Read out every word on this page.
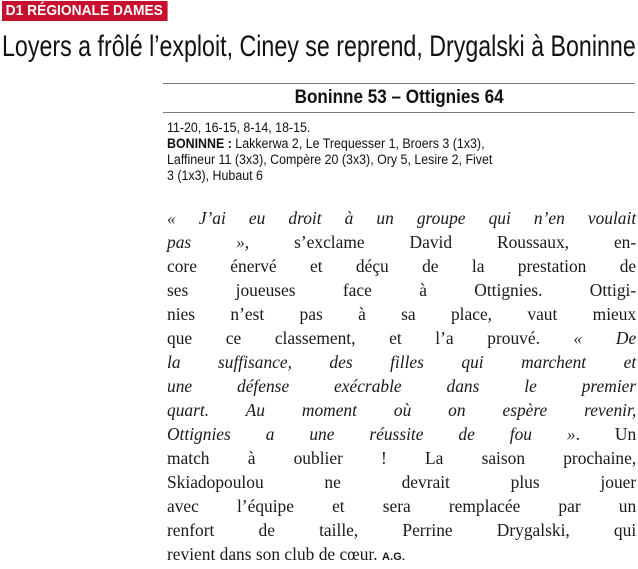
D1 RÉGIONALE DAMES
Loyers a frôlé l’exploit, Ciney se reprend, Drygalski à Boninne
Boninne 53 – Ottignies 64
11-20, 16-15, 8-14, 18-15.
BONINNE : Lakkerwa 2, Le Trequesser 1, Broers 3 (1x3),
Laffineur 11 (3x3), Compère 20 (3x3), Ory 5, Lesire 2, Fivet
3 (1x3), Hubaut 6
« J’ai eu droit à un groupe qui n’en voulait
pas », s’exclame David Roussaux, en-
core énervé et déçu de la prestation de
ses joueuses face à Ottignies. Ottigi-
nies n’est pas à sa place, vaut mieux
que ce classement, et l’a prouvé. « De
la suffisance, des filles qui marchent et
une défense exécrable dans le premier
quart. Au moment où on espère revenir,
Ottignies a une réussite de fou ». Un
match à oublier ! La saison prochaine,
Skiadopoulou ne devrait plus jouer
avec l’équipe et sera remplacée par un
renfort de taille, Perrine Drygalski, qui
revient dans son club de cœur. A.G.
